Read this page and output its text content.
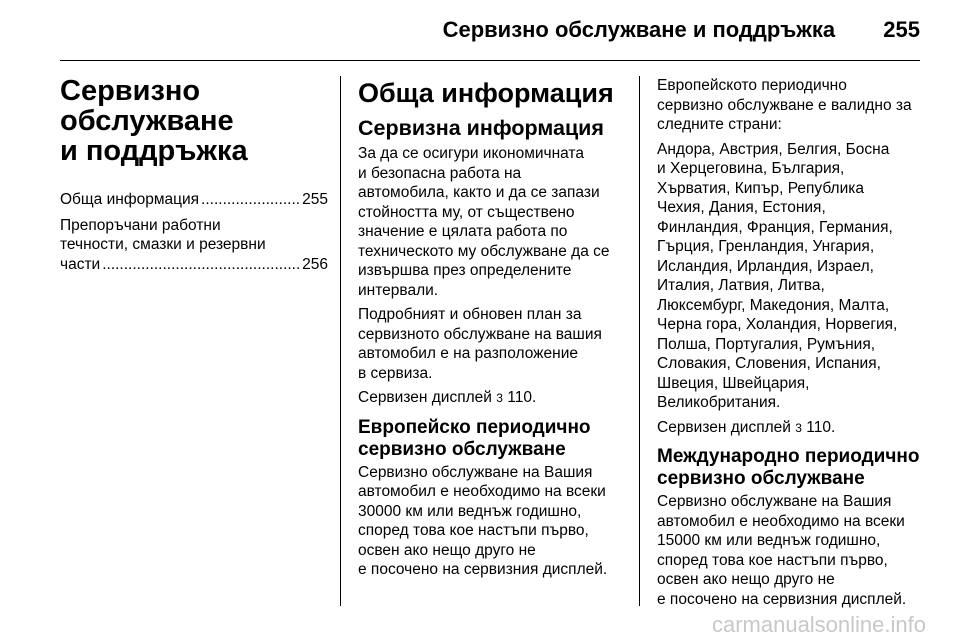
Сервизно обслужване и поддръжка 255
Сервизно
обслужване
и поддръжка
Обща информация .....	255
Препоръчани работни
течности, смазки и резервни
части .....	256
Обща информация
Сервизна информация
За да се осигури икономичната
и безопасна работа на
автомобила, както и да се запази
стойността му, от съществено
значение е цялата работа по
техническото му обслужване да се
извършва през определените
интервали.
Подробният и обновен план за
сервизното обслужване на вашия
автомобил е на разположение
в сервиза.
Сервизен дисплей 3 110.
Европейско периодично
сервизно обслужване
Сервизно обслужване на Вашия
автомобил е необходимо на всеки
30000 км или веднъж годишно,
според това кое настъпи първо,
освен ако нещо друго не
е посочено на сервизния дисплей.
Европейското периодично
сервизно обслужване е валидно за
следните страни:
Андора, Австрия, Белгия, Босна
и Херцеговина, България,
Хърватия, Кипър, Република
Чехия, Дания, Естония,
Финландия, Франция, Германия,
Гърция, Гренландия, Унгария,
Исландия, Ирландия, Израел,
Италия, Латвия, Литва,
Люксембург, Македония, Малта,
Черна гора, Холандия, Норвегия,
Полша, Португалия, Румъния,
Словакия, Словения, Испания,
Швеция, Швейцария,
Великобритания.
Сервизен дисплей 3 110.
Международно периодично
сервизно обслужване
Сервизно обслужване на Вашия
автомобил е необходимо на всеки
15000 км или веднъж годишно,
според това кое настъпи първо,
освен ако нещо друго не
е посочено на сервизния дисплей.
carmanualsonline.info
